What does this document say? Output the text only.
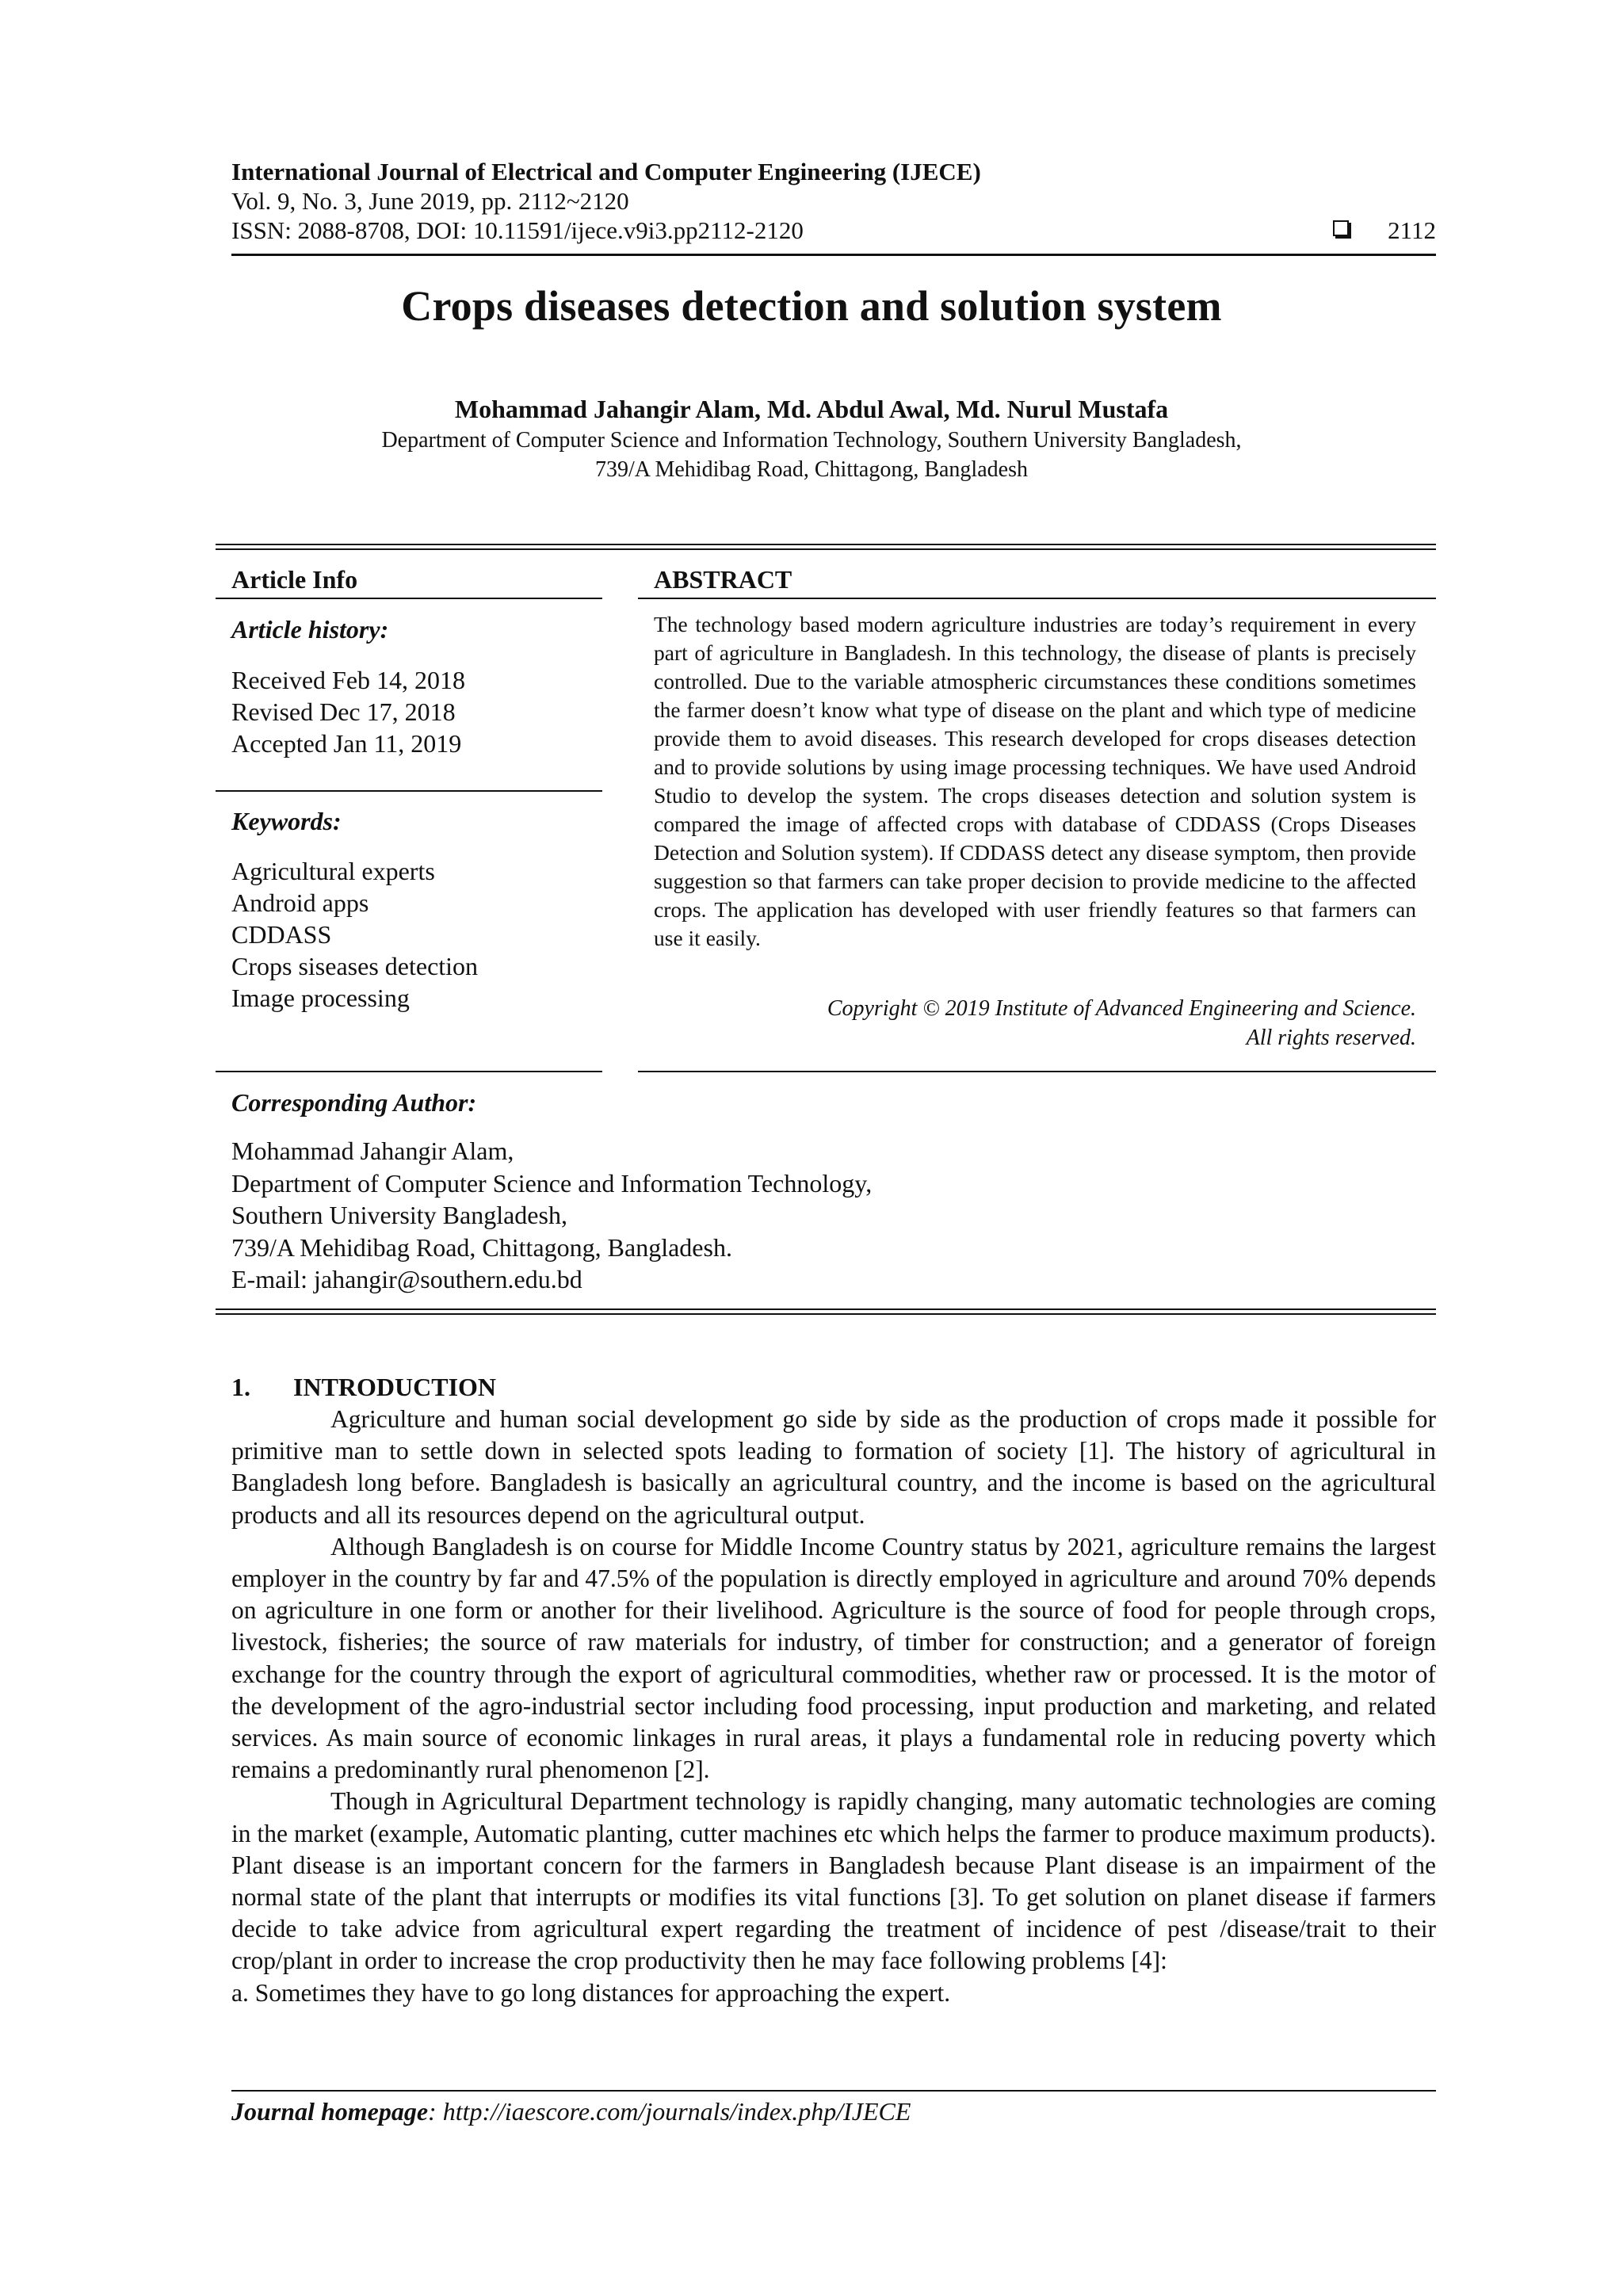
International Journal of Electrical and Computer Engineering (IJECE)
Vol. 9, No. 3, June 2019, pp. 2112~2120
ISSN: 2088-8708, DOI: 10.11591/ijece.v9i3.pp2112-2120	2112
Crops diseases detection and solution system
Mohammad Jahangir Alam, Md. Abdul Awal, Md. Nurul Mustafa
Department of Computer Science and Information Technology, Southern University Bangladesh,
739/A Mehidibag Road, Chittagong, Bangladesh
Article Info
Article history:
Received Feb 14, 2018
Revised Dec 17, 2018
Accepted Jan 11, 2019
Keywords:
Agricultural experts
Android apps
CDDASS
Crops siseases detection
Image processing
ABSTRACT
The technology based modern agriculture industries are today’s requirement in every part of agriculture in Bangladesh. In this technology, the disease of plants is precisely controlled. Due to the variable atmospheric circumstances these conditions sometimes the farmer doesn’t know what type of disease on the plant and which type of medicine provide them to avoid diseases. This research developed for crops diseases detection and to provide solutions by using image processing techniques. We have used Android Studio to develop the system. The crops diseases detection and solution system is compared the image of affected crops with database of CDDASS (Crops Diseases Detection and Solution system). If CDDASS detect any disease symptom, then provide suggestion so that farmers can take proper decision to provide medicine to the affected crops. The application has developed with user friendly features so that farmers can use it easily.
Copyright © 2019 Institute of Advanced Engineering and Science.
All rights reserved.
Corresponding Author:
Mohammad Jahangir Alam,
Department of Computer Science and Information Technology,
Southern University Bangladesh,
739/A Mehidibag Road, Chittagong, Bangladesh.
E-mail: jahangir@southern.edu.bd
1. INTRODUCTION

Agriculture and human social development go side by side as the production of crops made it possible for primitive man to settle down in selected spots leading to formation of society [1]. The history of agricultural in Bangladesh long before. Bangladesh is basically an agricultural country, and the income is based on the agricultural products and all its resources depend on the agricultural output.

Although Bangladesh is on course for Middle Income Country status by 2021, agriculture remains the largest employer in the country by far and 47.5% of the population is directly employed in agriculture and around 70% depends on agriculture in one form or another for their livelihood. Agriculture is the source of food for people through crops, livestock, fisheries; the source of raw materials for industry, of timber for construction; and a generator of foreign exchange for the country through the export of agricultural commodities, whether raw or processed. It is the motor of the development of the agro-industrial sector including food processing, input production and marketing, and related services. As main source of economic linkages in rural areas, it plays a fundamental role in reducing poverty which remains a predominantly rural phenomenon [2].

Though in Agricultural Department technology is rapidly changing, many automatic technologies are coming in the market (example, Automatic planting, cutter machines etc which helps the farmer to produce maximum products). Plant disease is an important concern for the farmers in Bangladesh because Plant disease is an impairment of the normal state of the plant that interrupts or modifies its vital functions [3]. To get solution on planet disease if farmers decide to take advice from agricultural expert regarding the treatment of incidence of pest /disease/trait to their crop/plant in order to increase the crop productivity then he may face following problems [4]:

a. Sometimes they have to go long distances for approaching the expert.

Journal homepage: http://iaescore.com/journals/index.php/IJECE
